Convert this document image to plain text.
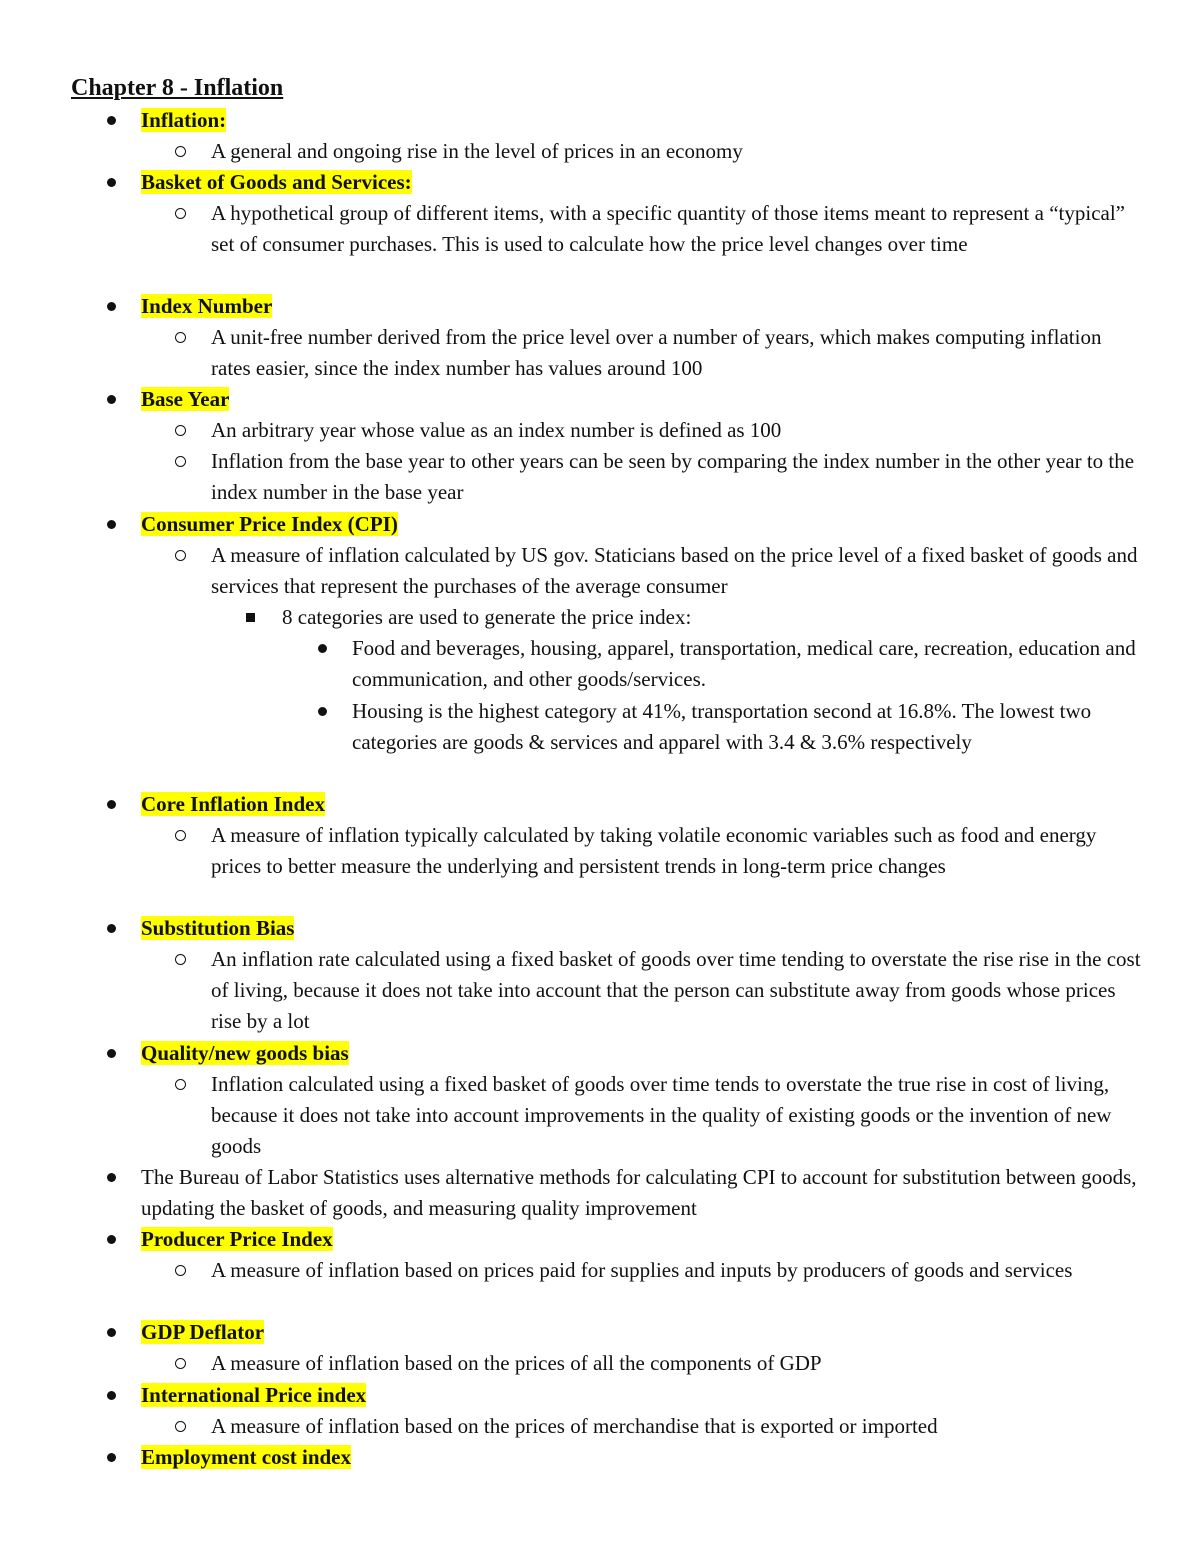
Chapter 8 - Inflation
Inflation:
A general and ongoing rise in the level of prices in an economy
Basket of Goods and Services:
A hypothetical group of different items, with a specific quantity of those items meant to represent a “typical” set of consumer purchases. This is used to calculate how the price level changes over time
Index Number
A unit-free number derived from the price level over a number of years, which makes computing inflation rates easier, since the index number has values around 100
Base Year
An arbitrary year whose value as an index number is defined as 100
Inflation from the base year to other years can be seen by comparing the index number in the other year to the index number in the base year
Consumer Price Index (CPI)
A measure of inflation calculated by US gov. Staticians based on the price level of a fixed basket of goods and services that represent the purchases of the average consumer
8 categories are used to generate the price index:
Food and beverages, housing, apparel, transportation, medical care, recreation, education and communication, and other goods/services.
Housing is the highest category at 41%, transportation second at 16.8%. The lowest two categories are goods & services and apparel with 3.4 & 3.6% respectively
Core Inflation Index
A measure of inflation typically calculated by taking volatile economic variables such as food and energy prices to better measure the underlying and persistent trends in long-term price changes
Substitution Bias
An inflation rate calculated using a fixed basket of goods over time tending to overstate the rise rise in the cost of living, because it does not take into account that the person can substitute away from goods whose prices rise by a lot
Quality/new goods bias
Inflation calculated using a fixed basket of goods over time tends to overstate the true rise in cost of living, because it does not take into account improvements in the quality of existing goods or the invention of new goods
The Bureau of Labor Statistics uses alternative methods for calculating CPI to account for substitution between goods, updating the basket of goods, and measuring quality improvement
Producer Price Index
A measure of inflation based on prices paid for supplies and inputs by producers of goods and services
GDP Deflator
A measure of inflation based on the prices of all the components of GDP
International Price index
A measure of inflation based on the prices of merchandise that is exported or imported
Employment cost index
